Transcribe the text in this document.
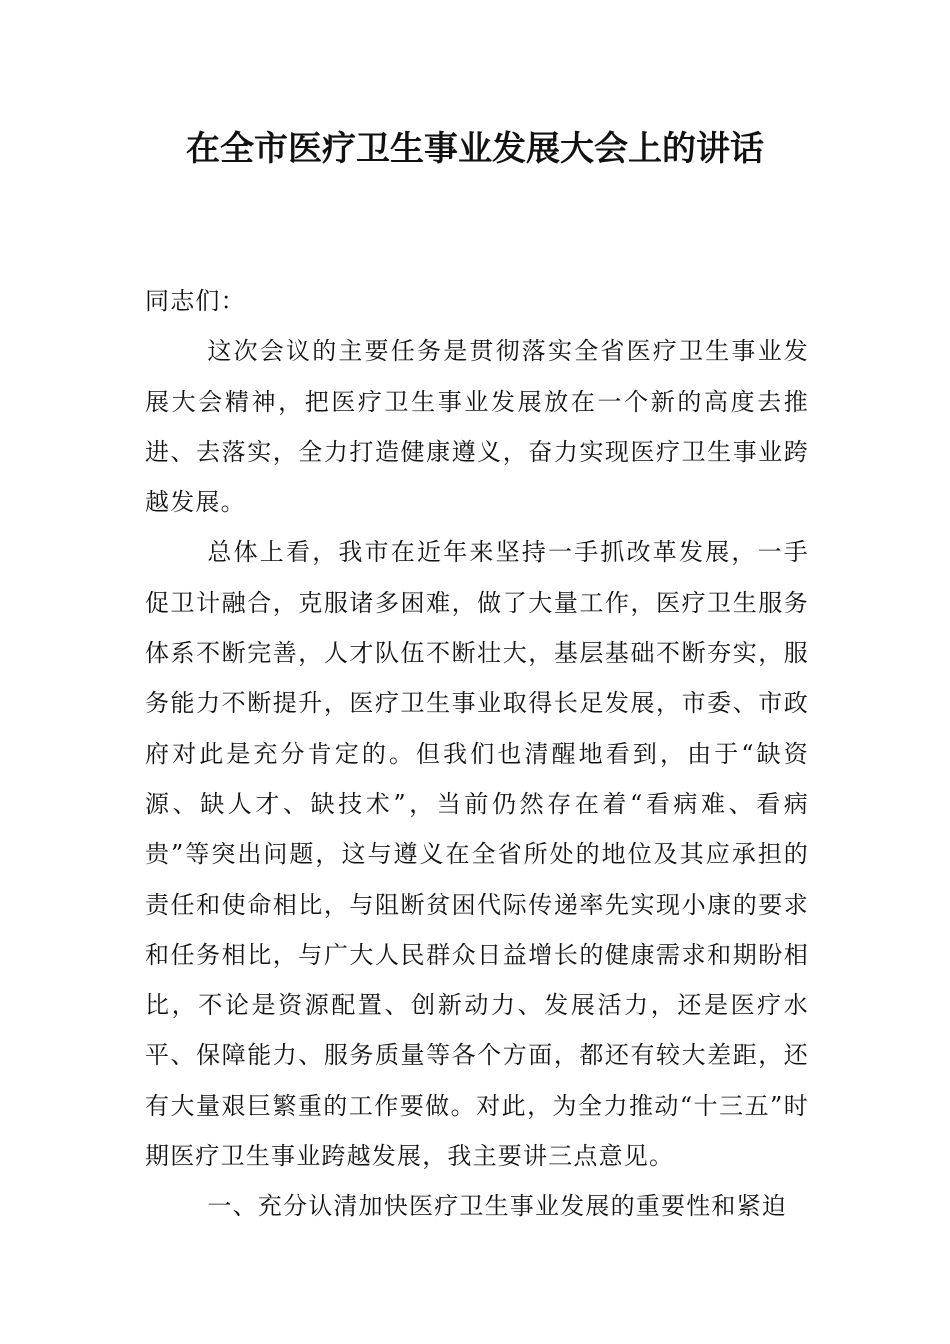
在全市医疗卫生事业发展大会上的讲话

同志们：

这次会议的主要任务是贯彻落实全省医疗卫生事业发展大会精神，把医疗卫生事业发展放在一个新的高度去推进、去落实，全力打造健康遵义，奋力实现医疗卫生事业跨越发展。

总体上看，我市在近年来坚持一手抓改革发展，一手促卫计融合，克服诸多困难，做了大量工作，医疗卫生服务体系不断完善，人才队伍不断壮大，基层基础不断夯实，服务能力不断提升，医疗卫生事业取得长足发展，市委、市政府对此是充分肯定的。但我们也清醒地看到，由于“缺资源、缺人才、缺技术”，当前仍然存在着“看病难、看病贵”等突出问题，这与遵义在全省所处的地位及其应承担的责任和使命相比，与阻断贫困代际传递率先实现小康的要求和任务相比，与广大人民群众日益增长的健康需求和期盼相比，不论是资源配置、创新动力、发展活力，还是医疗水平、保障能力、服务质量等各个方面，都还有较大差距，还有大量艰巨繁重的工作要做。对此，为全力推动“十三五”时期医疗卫生事业跨越发展，我主要讲三点意见。

一、充分认清加快医疗卫生事业发展的重要性和紧迫
